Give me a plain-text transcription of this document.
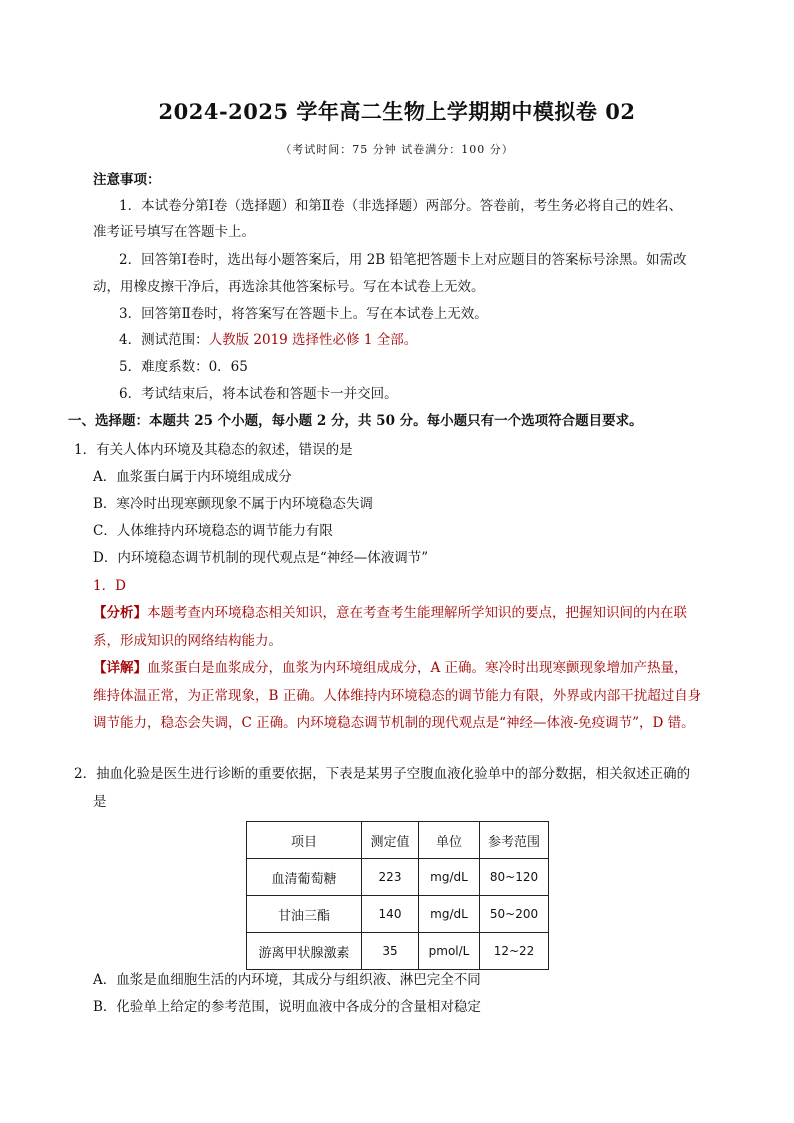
2024-2025 学年高二生物上学期期中模拟卷 02
（考试时间：75 分钟 试卷满分：100 分）
注意事项：
1．本试卷分第Ⅰ卷（选择题）和第Ⅱ卷（非选择题）两部分。答卷前，考生务必将自己的姓名、
准考证号填写在答题卡上。
2．回答第Ⅰ卷时，选出每小题答案后，用 2B 铅笔把答题卡上对应题目的答案标号涂黑。如需改
动，用橡皮擦干净后，再选涂其他答案标号。写在本试卷上无效。
3．回答第Ⅱ卷时，将答案写在答题卡上。写在本试卷上无效。
4．测试范围：人教版 2019 选择性必修 1 全部。
5．难度系数：0．65
6．考试结束后，将本试卷和答题卡一并交回。
一、选择题：本题共 25 个小题，每小题 2 分，共 50 分。每小题只有一个选项符合题目要求。
1．有关人体内环境及其稳态的叙述，错误的是
A．血浆蛋白属于内环境组成成分
B．寒冷时出现寒颤现象不属于内环境稳态失调
C．人体维持内环境稳态的调节能力有限
D．内环境稳态调节机制的现代观点是“神经—体液调节”
1．D
【分析】本题考查内环境稳态相关知识，意在考查考生能理解所学知识的要点，把握知识间的内在联
系，形成知识的网络结构能力。
【详解】血浆蛋白是血浆成分，血浆为内环境组成成分，A 正确。寒冷时出现寒颤现象增加产热量，
维持体温正常，为正常现象，B 正确。人体维持内环境稳态的调节能力有限，外界或内部干扰超过自身
调节能力，稳态会失调，C 正确。内环境稳态调节机制的现代观点是“神经—体液-免疫调节”，D 错。
2．抽血化验是医生进行诊断的重要依据，下表是某男子空腹血液化验单中的部分数据，相关叙述正确的
是
项目	测定值	单位	参考范围
血清葡萄糖	223	mg/dL	80~120
甘油三酯	140	mg/dL	50~200
游离甲状腺激素	35	pmol/L	12~22
A．血浆是血细胞生活的内环境，其成分与组织液、淋巴完全不同
B．化验单上给定的参考范围，说明血液中各成分的含量相对稳定
